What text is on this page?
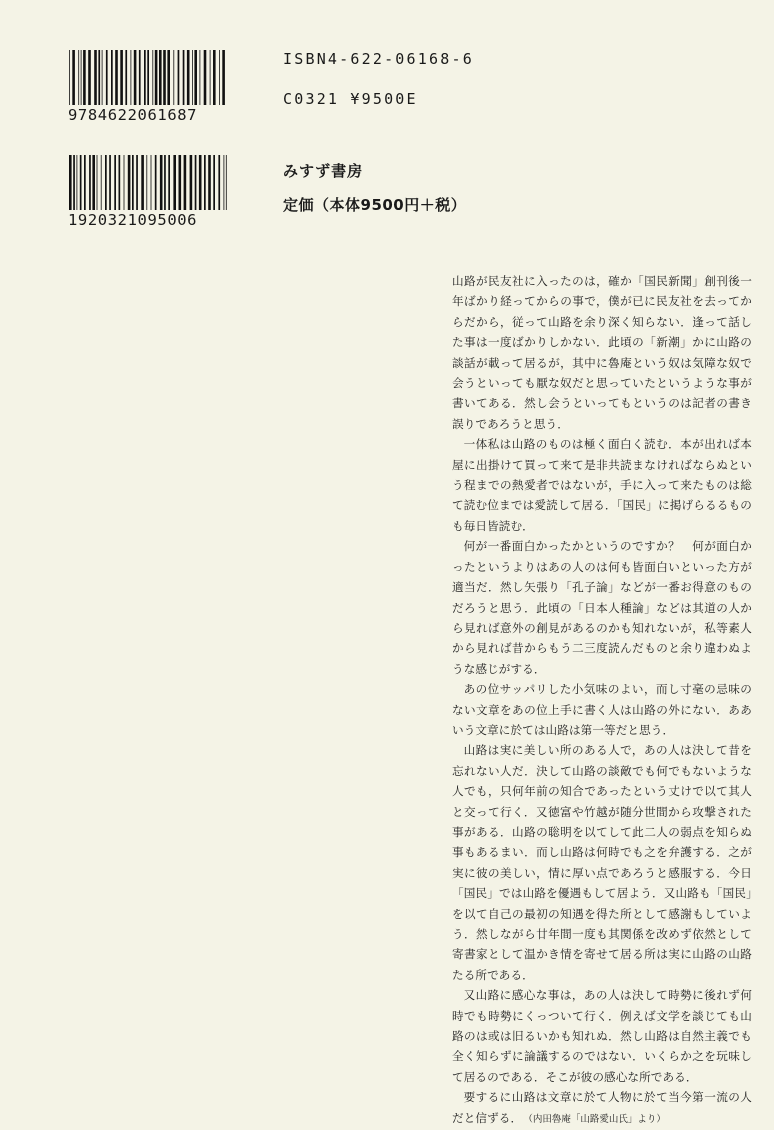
9784622061687
1920321095006
ISBN4-622-06168-6
C0321 ¥9500E
みすず書房
定価（本体9500円＋税）

山路が民友社に入ったのは，確か「国民新聞」創刊後一年ばかり経ってからの事で，僕が已に民友社を去ってからだから，従って山路を余り深く知らない．逢って話した事は一度ばかりしかない．此頃の「新潮」かに山路の談話が載って居るが，其中に魯庵という奴は気障な奴で会うといっても厭な奴だと思っていたというような事が書いてある．然し会うといってもというのは記者の書き誤りであろうと思う．

一体私は山路のものは極く面白く読む．本が出れば本屋に出掛けて買って来て是非共読まなければならぬという程までの熱愛者ではないが，手に入って来たものは総て読む位までは愛読して居る．「国民」に掲げらるるものも毎日皆読む．

何が一番面白かったかというのですか？　何が面白かったというよりはあの人のは何も皆面白いといった方が適当だ．然し矢張り「孔子論」などが一番お得意のものだろうと思う．此頃の「日本人種論」などは其道の人から見れば意外の創見があるのかも知れないが，私等素人から見れば昔からもう二三度読んだものと余り違わぬような感じがする．

あの位サッパリした小気味のよい，而し寸毫の忌味のない文章をあの位上手に書く人は山路の外にない．ああいう文章に於ては山路は第一等だと思う．

山路は実に美しい所のある人で，あの人は決して昔を忘れない人だ．決して山路の談敵でも何でもないような人でも，只何年前の知合であったという丈けで以て其人と交って行く．又徳富や竹越が随分世間から攻撃された事がある．山路の聡明を以てして此二人の弱点を知らぬ事もあるまい．而し山路は何時でも之を弁護する．之が実に彼の美しい，情に厚い点であろうと感服する．今日「国民」では山路を優遇もして居よう．又山路も「国民」を以て自己の最初の知遇を得た所として感謝もしていよう．然しながら廿年間一度も其関係を改めず依然として寄書家として温かき情を寄せて居る所は実に山路の山路たる所である．

又山路に感心な事は，あの人は決して時勢に後れず何時でも時勢にくっついて行く．例えば文学を談じても山路のは或は旧るいかも知れぬ．然し山路は自然主義でも全く知らずに論議するのではない．いくらか之を玩味して居るのである．そこが彼の感心な所である．

要するに山路は文章に於て人物に於て当今第一流の人だと信ずる． （内田魯庵「山路愛山氏」より）
